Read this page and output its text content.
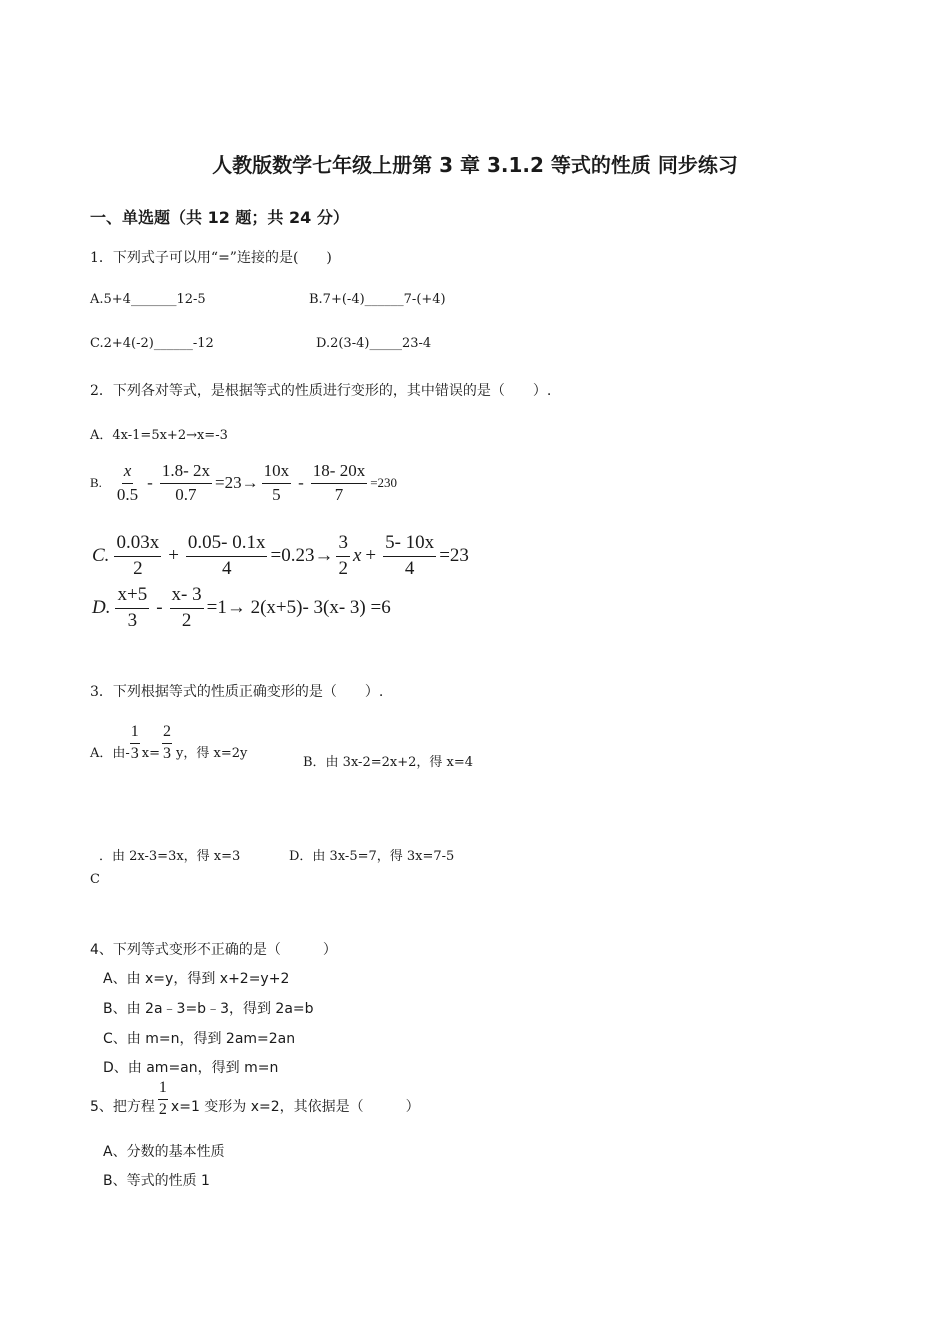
人教版数学七年级上册第 3 章 3.1.2 等式的性质 同步练习
一、单选题（共 12 题；共 24 分）
1．下列式子可以用“=”连接的是(　　)
A.5+4_______12-5	B.7+(-4)______7-(+4)
C.2+4(-2)______-12	D.2(3-4)_____23-4
2．下列各对等式，是根据等式的性质进行变形的，其中错误的是（　　）.
A．4x-1=5x+2→x=-3
B. $\frac{x}{0.5} - \frac{1.8- 2x}{0.7} =23\to \frac{10x}{5} - \frac{18- 20x}{7} =230$
C. $\frac{0.03x}{2} + \frac{0.05- 0.1x}{4} =0.23\to \frac{3}{2}$ $x + \frac{5- 10x}{4} =23$
D. $\frac{x+5}{3} - \frac{x- 3}{2} =1\to 2(x+5)-$ 3(x- 3) =6
3．下列根据等式的性质正确变形的是（　　）.
A．由- $\frac{1}{3} x= \frac{2}{3}$ y，得 x=2y
B．由 3x-2=2x+2，得 x=4
．由 2x-3=3x，得 x=3
C
D．由 3x-5=7，得 3x=7-5
4、下列等式变形不正确的是（　　　）
A、由 x=y，得到 x+2=y+2
B、由 2a﹣3=b﹣3，得到 2a=b
C、由 m=n，得到 2am=2an
D、由 am=an，得到 m=n
5、把方程 $\frac{1}{2} x=1$ 变形为 x=2，其依据是（　　　）
A、分数的基本性质
B、等式的性质 1
